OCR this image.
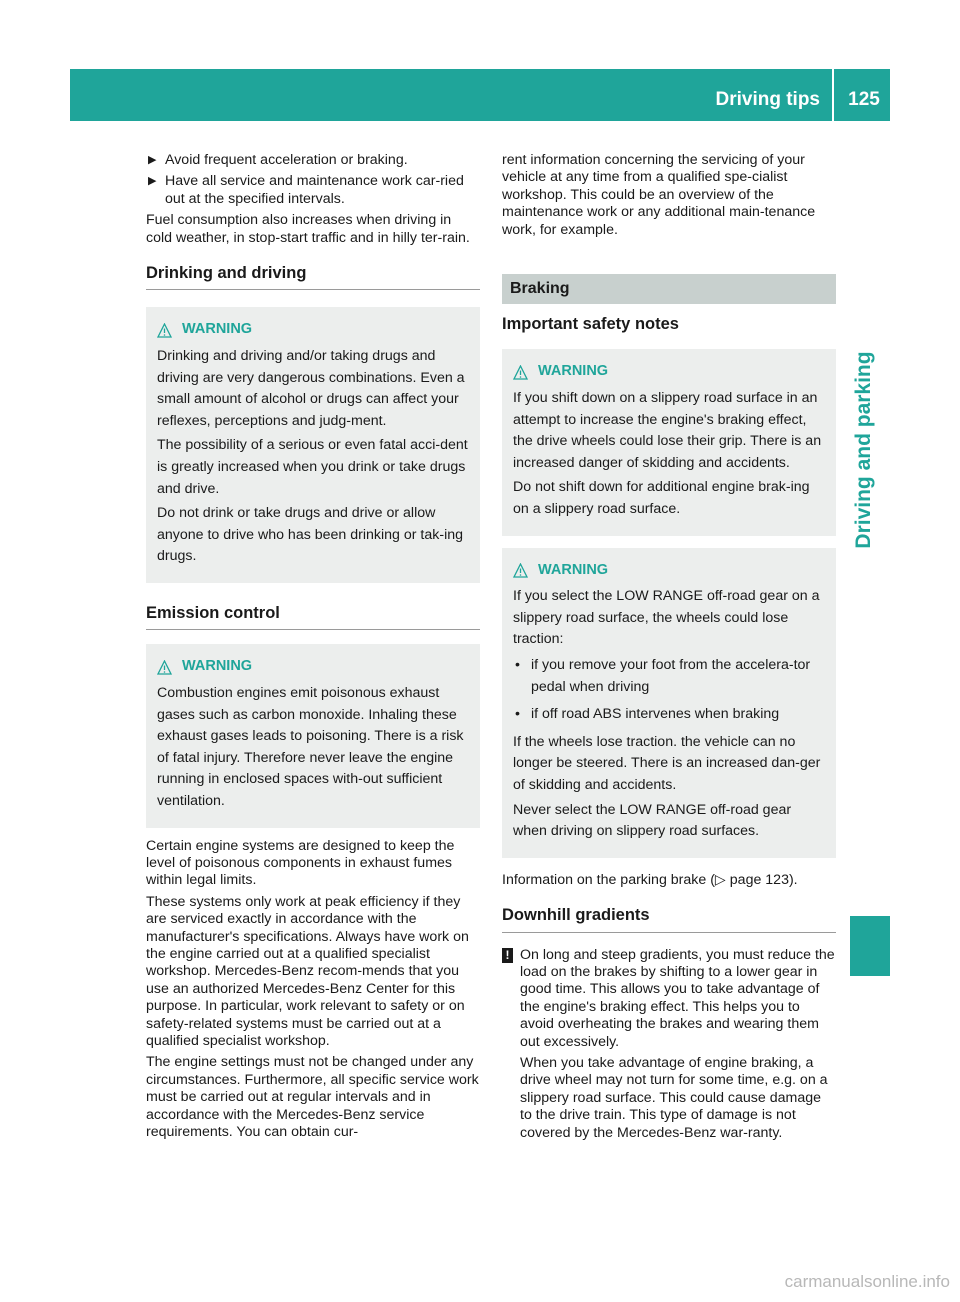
Driving tips	125
Driving and parking
▶ Avoid frequent acceleration or braking.
▶ Have all service and maintenance work car-ried out at the specified intervals.

Fuel consumption also increases when driving in cold weather, in stop-start traffic and in hilly ter-rain.

Drinking and driving
WARNING

Drinking and driving and/or taking drugs and driving are very dangerous combinations. Even a small amount of alcohol or drugs can affect your reflexes, perceptions and judg-ment.

The possibility of a serious or even fatal acci-dent is greatly increased when you drink or take drugs and drive.

Do not drink or take drugs and drive or allow anyone to drive who has been drinking or tak-ing drugs.

Emission control
WARNING

Combustion engines emit poisonous exhaust gases such as carbon monoxide. Inhaling these exhaust gases leads to poisoning. There is a risk of fatal injury. Therefore never leave the engine running in enclosed spaces with-out sufficient ventilation.

Certain engine systems are designed to keep the level of poisonous components in exhaust fumes within legal limits.

These systems only work at peak efficiency if they are serviced exactly in accordance with the manufacturer's specifications. Always have work on the engine carried out at a qualified specialist workshop. Mercedes-Benz recom-mends that you use an authorized Mercedes-Benz Center for this purpose. In particular, work relevant to safety or on safety-related systems must be carried out at a qualified specialist workshop.

The engine settings must not be changed under any circumstances. Furthermore, all specific service work must be carried out at regular intervals and in accordance with the Mercedes-Benz service requirements. You can obtain cur-

rent information concerning the servicing of your vehicle at any time from a qualified spe-cialist workshop. This could be an overview of the maintenance work or any additional main-tenance work, for example.

Braking
Important safety notes
WARNING

If you shift down on a slippery road surface in an attempt to increase the engine's braking effect, the drive wheels could lose their grip. There is an increased danger of skidding and accidents.

Do not shift down for additional engine brak-ing on a slippery road surface.

WARNING

If you select the LOW RANGE off-road gear on a slippery road surface, the wheels could lose traction:

• if you remove your foot from the accelera-tor pedal when driving
• if off road ABS intervenes when braking

If the wheels lose traction. the vehicle can no longer be steered. There is an increased dan-ger of skidding and accidents.

Never select the LOW RANGE off-road gear when driving on slippery road surfaces.

Information on the parking brake (▷ page 123).

Downhill gradients
! On long and steep gradients, you must reduce the load on the brakes by shifting to a lower gear in good time. This allows you to take advantage of the engine's braking effect. This helps you to avoid overheating the brakes and wearing them out excessively.

When you take advantage of engine braking, a drive wheel may not turn for some time, e.g. on a slippery road surface. This could cause damage to the drive train. This type of damage is not covered by the Mercedes-Benz war-ranty.

carmanualsonline.info
